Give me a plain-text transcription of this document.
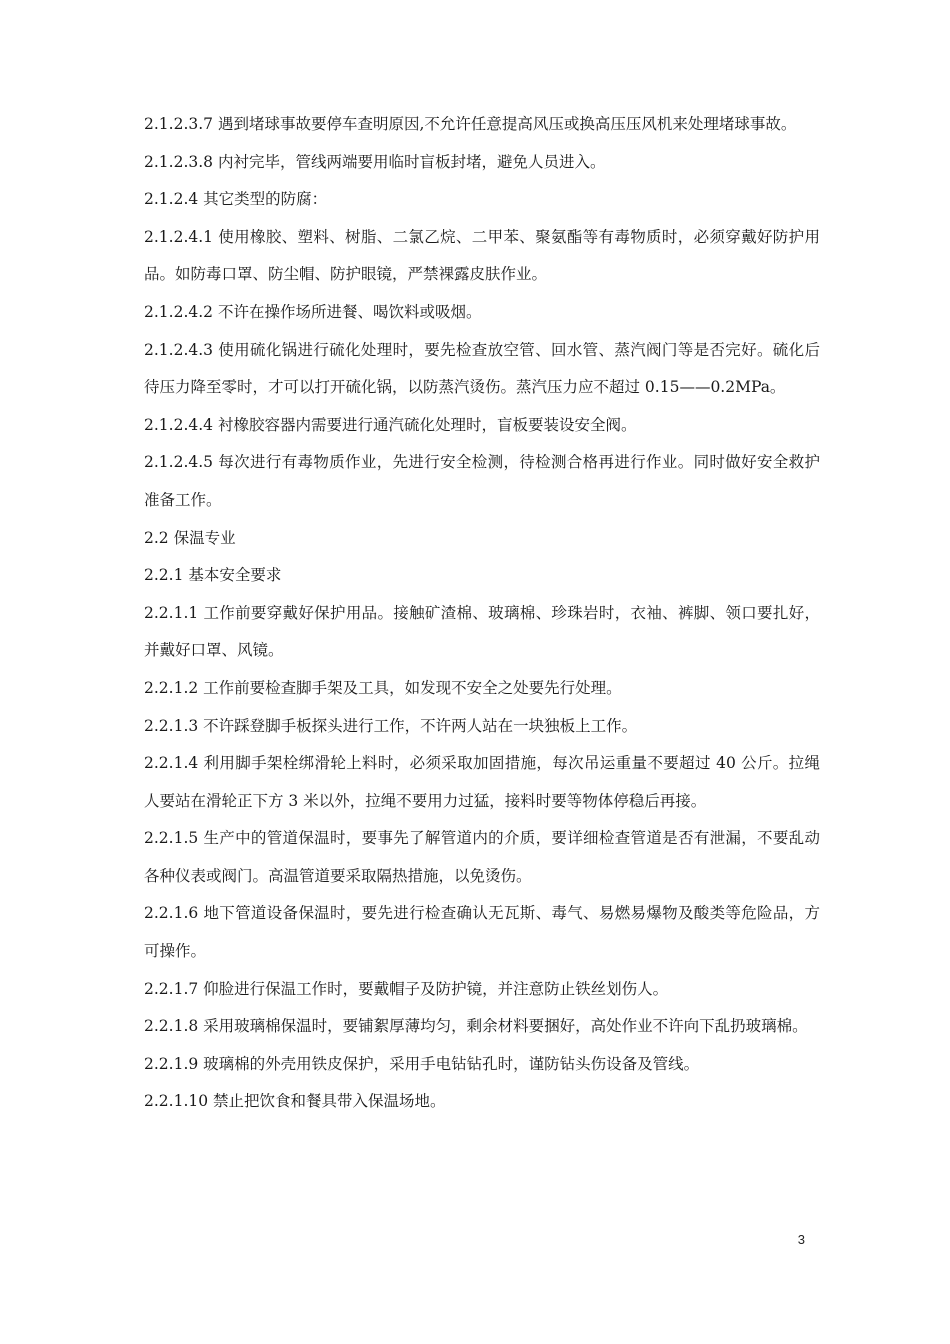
2.1.2.3.7 遇到堵球事故要停车查明原因,不允许任意提高风压或换高压压风机来处理堵球事故。

2.1.2.3.8 内衬完毕，管线两端要用临时盲板封堵，避免人员进入。

2.1.2.4 其它类型的防腐：

2.1.2.4.1 使用橡胶、塑料、树脂、二氯乙烷、二甲苯、聚氨酯等有毒物质时，必须穿戴好防护用品。如防毒口罩、防尘帽、防护眼镜，严禁裸露皮肤作业。

2.1.2.4.2 不许在操作场所进餐、喝饮料或吸烟。

2.1.2.4.3 使用硫化锅进行硫化处理时，要先检查放空管、回水管、蒸汽阀门等是否完好。硫化后待压力降至零时，才可以打开硫化锅，以防蒸汽烫伤。蒸汽压力应不超过 0.15——0.2MPa。

2.1.2.4.4 衬橡胶容器内需要进行通汽硫化处理时，盲板要装设安全阀。

2.1.2.4.5 每次进行有毒物质作业，先进行安全检测，待检测合格再进行作业。同时做好安全救护准备工作。

2.2 保温专业

2.2.1 基本安全要求

2.2.1.1 工作前要穿戴好保护用品。接触矿渣棉、玻璃棉、珍珠岩时，衣袖、裤脚、领口要扎好，并戴好口罩、风镜。

2.2.1.2 工作前要检查脚手架及工具，如发现不安全之处要先行处理。

2.2.1.3 不许踩登脚手板探头进行工作，不许两人站在一块独板上工作。

2.2.1.4 利用脚手架栓绑滑轮上料时，必须采取加固措施，每次吊运重量不要超过 40 公斤。拉绳人要站在滑轮正下方 3 米以外，拉绳不要用力过猛，接料时要等物体停稳后再接。

2.2.1.5 生产中的管道保温时，要事先了解管道内的介质，要详细检查管道是否有泄漏，不要乱动各种仪表或阀门。高温管道要采取隔热措施，以免烫伤。

2.2.1.6 地下管道设备保温时，要先进行检查确认无瓦斯、毒气、易燃易爆物及酸类等危险品，方可操作。

2.2.1.7 仰脸进行保温工作时，要戴帽子及防护镜，并注意防止铁丝划伤人。

2.2.1.8 采用玻璃棉保温时，要铺絮厚薄均匀，剩余材料要捆好，高处作业不许向下乱扔玻璃棉。

2.2.1.9 玻璃棉的外壳用铁皮保护，采用手电钻钻孔时，谨防钻头伤设备及管线。

2.2.1.10 禁止把饮食和餐具带入保温场地。

3
